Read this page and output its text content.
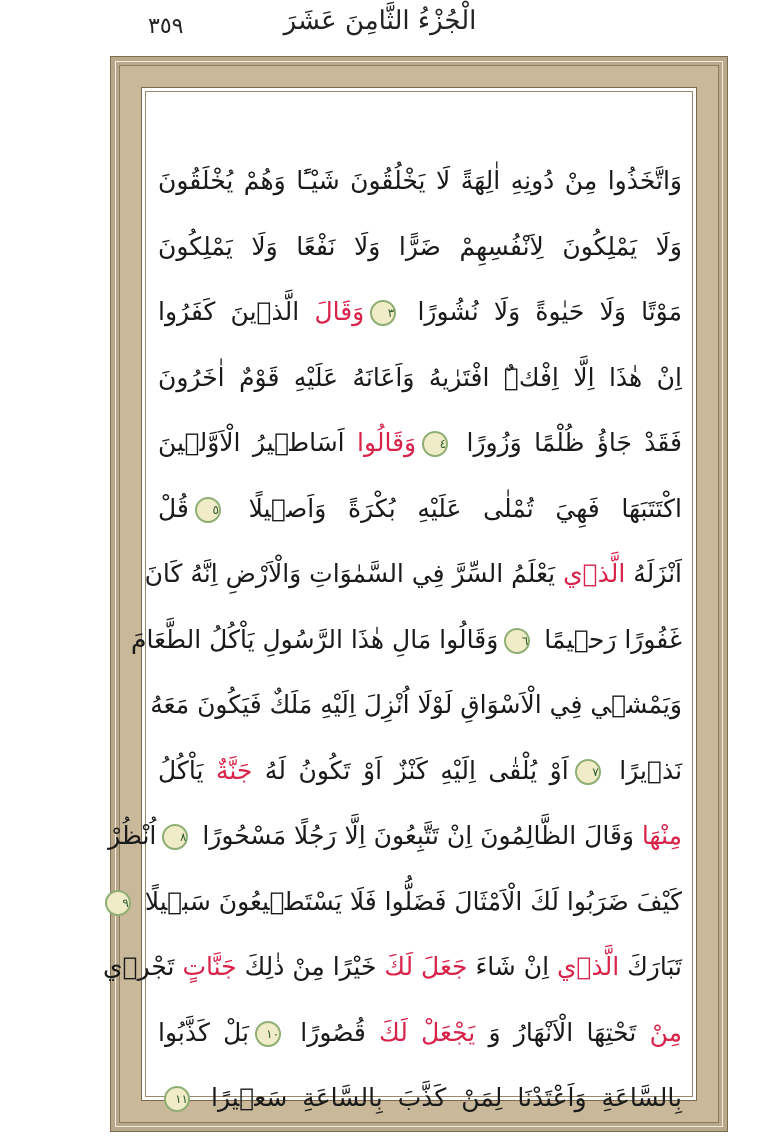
الْجُزْءُ الثَّامِنَ عَشَرَ
٣٥٩
وَاتَّخَذُوا مِنْ دُونِهِ اٰلِهَةً لَا يَخْلُقُونَ شَيْـًٔا وَهُمْ يُخْلَقُونَ
وَلَا يَمْلِكُونَ لِاَنْفُسِهِمْ ضَرًّا وَلَا نَفْعًا وَلَا يَمْلِكُونَ
مَوْتًا وَلَا حَيٰوةً وَلَا نُشُورًا ٣وَقَالَ الَّذٖينَ كَفَرُوا
اِنْ هٰذَا اِلَّا اِفْكٌۨ افْتَرٰيهُ وَاَعَانَهُ عَلَيْهِ قَوْمٌ اٰخَرُونَ
فَقَدْ جَاؤُ ظُلْمًا وَزُورًا ٤وَقَالُوا اَسَاطٖيرُ الْاَوَّلٖينَ
اكْتَتَبَهَا فَهِيَ تُمْلٰى عَلَيْهِ بُكْرَةً وَاَصٖيلًا ٥قُلْ
اَنْزَلَهُ الَّذٖي يَعْلَمُ السِّرَّ فِي السَّمٰوَاتِ وَالْاَرْضِ اِنَّهُ كَانَ
غَفُورًا رَحٖيمًا ٦وَقَالُوا مَالِ هٰذَا الرَّسُولِ يَاْكُلُ الطَّعَامَ
وَيَمْشٖي فِي الْاَسْوَاقِ لَوْلَا اُنْزِلَ اِلَيْهِ مَلَكٌ فَيَكُونَ مَعَهُ
نَذٖيرًا ٧اَوْ يُلْقٰى اِلَيْهِ كَنْزٌ اَوْ تَكُونُ لَهُ جَنَّةٌ يَاْكُلُ
مِنْهَا وَقَالَ الظَّالِمُونَ اِنْ تَتَّبِعُونَ اِلَّا رَجُلًا مَسْحُورًا ٨اُنْظُرْ
كَيْفَ ضَرَبُوا لَكَ الْاَمْثَالَ فَضَلُّوا فَلَا يَسْتَطٖيعُونَ سَبٖيلًا ٩
تَبَارَكَ الَّذٖي اِنْ شَاءَ جَعَلَ لَكَ خَيْرًا مِنْ ذٰلِكَ جَنَّاتٍ تَجْرٖي
مِنْ تَحْتِهَا الْاَنْهَارُ وَ يَجْعَلْ لَكَ قُصُورًا ١٠بَلْ كَذَّبُوا
بِالسَّاعَةِ وَاَعْتَدْنَا لِمَنْ كَذَّبَ بِالسَّاعَةِ سَعٖيرًا ١١
